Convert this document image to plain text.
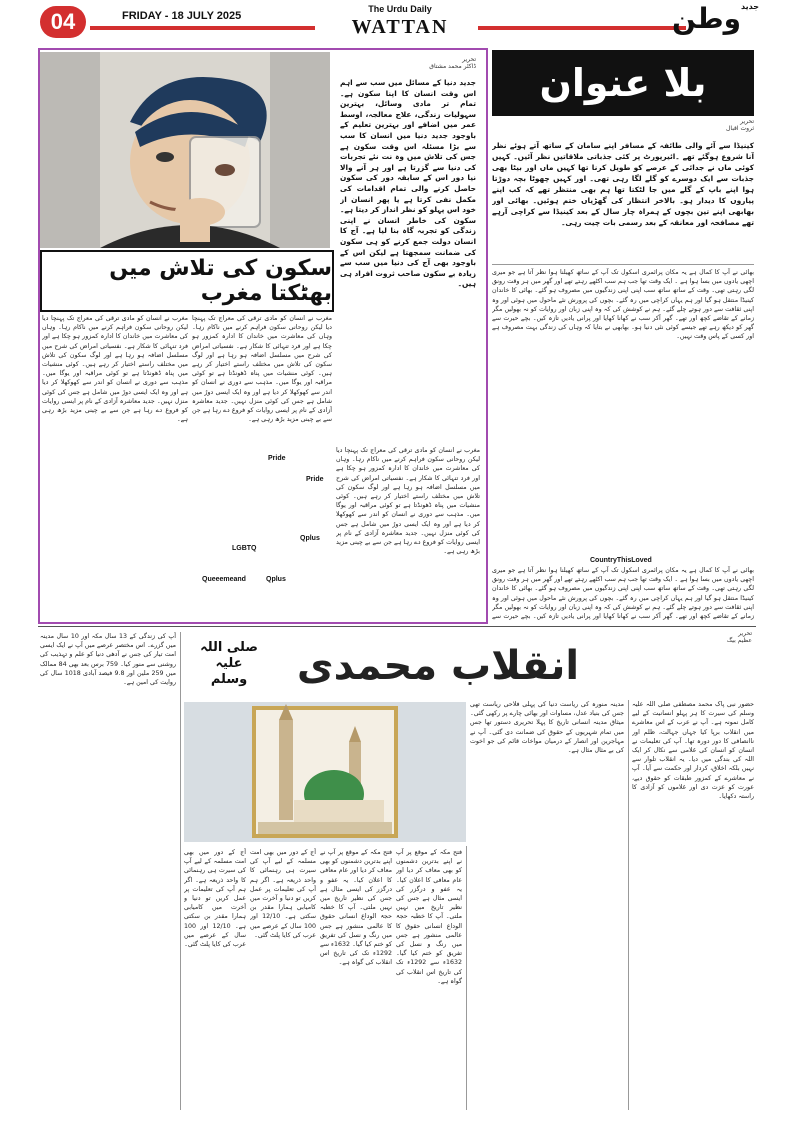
04	FRIDAY - 18 JULY 2025
The Urdu Daily
WATTAN
$^{جدید}$وطن
سکون کی تلاش میں بھٹکتا مغرب
تحریر
ڈاکٹر محمد مشتاق
جدید دنیا کے مسائل میں سب سے اہم اس وقت انسان کا اپنا سکون ہے۔ تمام تر مادی وسائل، بہترین سہولیات زندگی، علاج معالجہ، اوسط عمر میں اضافے اور بہترین تعلیم کے باوجود جدید دنیا میں انسان کا سب سے بڑا مسئلہ اس وقت سکون ہے جس کی تلاش میں وہ نت نئے تجربات کی دنیا سے گزرتا ہے اور ہر آنے والا نیا دور اس کے سابقہ دور کی سکون حاصل کرنے والی تمام اقدامات کی مکمل نفی کرتا ہے یا پھر انسان از خود اس پہلو کو نظر انداز کر دیتا ہے۔ سکون کی خاطر انسان نے اپنی زندگی کو تجربہ گاہ بنا لیا ہے۔ آج کا انسان دولت جمع کرنے کو ہی سکون کی ضمانت سمجھتا ہے لیکن اس کے باوجود بھی آج کی دنیا میں سب سے زیادہ بے سکون صاحب ثروت افراد ہی ہیں۔
مغرب نے انسان کو مادی ترقی کی معراج تک پہنچا دیا لیکن روحانی سکون فراہم کرنے میں ناکام رہا۔ وہاں کی معاشرت میں خاندان کا ادارہ کمزور ہو چکا ہے اور فرد تنہائی کا شکار ہے۔ نفسیاتی امراض کی شرح میں مسلسل اضافہ ہو رہا ہے اور لوگ سکون کی تلاش میں مختلف راستے اختیار کر رہے ہیں۔ کوئی منشیات میں پناہ ڈھونڈتا ہے تو کوئی مراقبہ اور یوگا میں۔ مذہب سے دوری نے انسان کو اندر سے کھوکھلا کر دیا ہے اور وہ ایک ایسی دوڑ میں شامل ہے جس کی کوئی منزل نہیں۔ جدید معاشرہ آزادی کے نام پر ایسی روایات کو فروغ دے رہا ہے جن سے بے چینی مزید بڑھ رہی ہے۔
مغرب نے انسان کو مادی ترقی کی معراج تک پہنچا دیا لیکن روحانی سکون فراہم کرنے میں ناکام رہا۔ وہاں کی معاشرت میں خاندان کا ادارہ کمزور ہو چکا ہے اور فرد تنہائی کا شکار ہے۔ نفسیاتی امراض کی شرح میں مسلسل اضافہ ہو رہا ہے اور لوگ سکون کی تلاش میں مختلف راستے اختیار کر رہے ہیں۔ کوئی منشیات میں پناہ ڈھونڈتا ہے تو کوئی مراقبہ اور یوگا میں۔ مذہب سے دوری نے انسان کو اندر سے کھوکھلا کر دیا ہے اور وہ ایک ایسی دوڑ میں شامل ہے جس کی کوئی منزل نہیں۔ جدید معاشرہ آزادی کے نام پر ایسی روایات کو فروغ دے رہا ہے جن سے بے چینی مزید بڑھ رہی ہے۔
مغرب نے انسان کو مادی ترقی کی معراج تک پہنچا دیا لیکن روحانی سکون فراہم کرنے میں ناکام رہا۔ وہاں کی معاشرت میں خاندان کا ادارہ کمزور ہو چکا ہے اور فرد تنہائی کا شکار ہے۔ نفسیاتی امراض کی شرح میں مسلسل اضافہ ہو رہا ہے اور لوگ سکون کی تلاش میں مختلف راستے اختیار کر رہے ہیں۔ کوئی منشیات میں پناہ ڈھونڈتا ہے تو کوئی مراقبہ اور یوگا میں۔ مذہب سے دوری نے انسان کو اندر سے کھوکھلا کر دیا ہے اور وہ ایک ایسی دوڑ میں شامل ہے جس کی کوئی منزل نہیں۔ جدید معاشرہ آزادی کے نام پر ایسی روایات کو فروغ دے رہا ہے جن سے بے چینی مزید بڑھ رہی ہے۔
Pride
Pride
Qplus
LGBTQ
Qplus
Queeemeand
بلا عنوان
تحریر
ثروت اقبال
کینیڈا سے آئے والی طائفہ کے مسافر اپنے سامان کے ساتھ آتے ہوئے نظر آنا شروع ہوگئے تھے ۔ائیرپورٹ پر کئی جذباتی ملاقاتیں نظر آئیں۔ کہیں کوئی ماں نے جدائی کے عرصے کو طویل کرنا تھا کہیں ماں اور بیٹا بھی جذبات سے ایک دوسرے کو گلے لگا رہی تھی۔ اور کہیں چھوٹا بچہ دوڑتا ہوا اپنے باپ کے گلے میں جا لٹکتا تھا ہم بھی منتظر تھے کہ کب اپنے پیاروں کا دیدار ہو۔ بالاخر انتظار کی گھڑیاں ختم ہوئیں۔ بھائی اور بھابھی اپنے تین بچوں کے ہمراہ چار سال کے بعد کینیڈا سے کراچی آرہے تھے مصافحہ اور معانقہ کے بعد رسمی بات چیت رہی۔
بھائی نے آپ کا کمال ہے یہ مکان پرائمری اسکول تک آپ کے ساتھ کھیلنا ہوا نظر آتا ہے جو میری اچھی یادوں میں بسا ہوا ہے ۔ ایک وقت تھا جب ہم سب اکٹھے رہتے تھے اور گھر میں ہر وقت رونق لگی رہتی تھی۔ وقت کے ساتھ ساتھ سب اپنی اپنی زندگیوں میں مصروف ہو گئے۔ بھائی کا خاندان کینیڈا منتقل ہو گیا اور ہم یہاں کراچی میں رہ گئے۔ بچوں کی پرورش نئے ماحول میں ہوئی اور وہ اپنی ثقافت سے دور ہوتے چلے گئے۔ ہم نے کوشش کی کہ وہ اپنی زبان اور روایات کو نہ بھولیں مگر زمانے کے تقاضے کچھ اور تھے۔ گھر آکر سب نے کھانا کھایا اور پرانی یادیں تازہ کیں۔ بچے حیرت سے گھر کو دیکھ رہے تھے جیسے کوئی نئی دنیا ہو۔ بھابھی نے بتایا کہ وہاں کی زندگی بہت مصروف ہے اور کسی کے پاس وقت نہیں۔
CountryThisLoved
بھائی نے آپ کا کمال ہے یہ مکان پرائمری اسکول تک آپ کے ساتھ کھیلنا ہوا نظر آتا ہے جو میری اچھی یادوں میں بسا ہوا ہے ۔ ایک وقت تھا جب ہم سب اکٹھے رہتے تھے اور گھر میں ہر وقت رونق لگی رہتی تھی۔ وقت کے ساتھ ساتھ سب اپنی اپنی زندگیوں میں مصروف ہو گئے۔ بھائی کا خاندان کینیڈا منتقل ہو گیا اور ہم یہاں کراچی میں رہ گئے۔ بچوں کی پرورش نئے ماحول میں ہوئی اور وہ اپنی ثقافت سے دور ہوتے چلے گئے۔ ہم نے کوشش کی کہ وہ اپنی زبان اور روایات کو نہ بھولیں مگر زمانے کے تقاضے کچھ اور تھے۔ گھر آکر سب نے کھانا کھایا اور پرانی یادیں تازہ کیں۔ بچے حیرت سے
صلی اللہ
علیہ وسلم	انقلاب محمدی
تحریر
عظیم بیگ
حضور نبی پاک محمد مصطفی صلی اللہ علیہ وسلم کی سیرت کا ہر پہلو انسانیت کے لیے کامل نمونہ ہے۔ آپ نے عرب کے اس معاشرے میں انقلاب برپا کیا جہاں جہالت، ظلم اور ناانصافی کا دور دورہ تھا۔ آپ کی تعلیمات نے انسان کو انسان کی غلامی سے نکال کر ایک اللہ کی بندگی میں دیا۔ یہ انقلاب تلوار سے نہیں بلکہ اخلاق، کردار اور حکمت سے آیا۔ آپ نے معاشرے کے کمزور طبقات کو حقوق دیے، عورت کو عزت دی اور غلاموں کو آزادی کا راستہ دکھایا۔
مدینہ منورہ کی ریاست دنیا کی پہلی فلاحی ریاست تھی جس کی بنیاد عدل، مساوات اور بھائی چارے پر رکھی گئی۔ میثاق مدینہ انسانی تاریخ کا پہلا تحریری دستور تھا جس میں تمام شہریوں کے حقوق کی ضمانت دی گئی۔ آپ نے مہاجرین اور انصار کے درمیان مواخات قائم کی جو اخوت کی بے مثال مثال ہے۔
فتح مکہ کے موقع پر آپ نے اپنے بدترین دشمنوں کو بھی معاف کر دیا اور عام معافی کا اعلان کیا۔ یہ عفو و درگزر کی ایسی مثال ہے جس کی نظیر تاریخ میں نہیں ملتی۔ آپ کا خطبہ حجۃ الوداع انسانی حقوق کا عالمی منشور ہے جس میں رنگ و نسل کی تفریق کو ختم کیا گیا۔ 1632ء سے 1292ء تک کی تاریخ اس انقلاب کی گواہ ہے۔
فتح مکہ کے موقع پر آپ نے اپنے بدترین دشمنوں کو بھی معاف کر دیا اور عام معافی کا اعلان کیا۔ یہ عفو و درگزر کی ایسی مثال ہے جس کی نظیر تاریخ میں نہیں ملتی۔ آپ کا خطبہ حجۃ الوداع انسانی حقوق کا عالمی منشور ہے جس میں رنگ و نسل کی تفریق کو ختم کیا گیا۔ 1632ء سے 1292ء تک کی تاریخ اس انقلاب کی گواہ ہے۔
آج کے دور میں بھی امت مسلمہ کے لیے آپ کی سیرت ہی رہنمائی کا واحد ذریعہ ہے۔ اگر ہم آپ کی تعلیمات پر عمل کریں تو دنیا و آخرت میں کامیابی ہمارا مقدر بن سکتی ہے۔ 12/10 اور 100 سال کے عرصے میں عرب کی کایا پلٹ گئی۔
آج کے دور میں بھی امت مسلمہ کے لیے آپ کی سیرت ہی رہنمائی کا واحد ذریعہ ہے۔ اگر ہم آپ کی تعلیمات پر عمل کریں تو دنیا و آخرت میں کامیابی ہمارا مقدر بن سکتی ہے۔ 12/10 اور 100 سال کے عرصے میں عرب کی کایا پلٹ گئی۔
آپ کی زندگی کے 13 سال مکہ اور 10 سال مدینہ میں گزرے۔ اس مختصر عرصے میں آپ نے ایک ایسی امت تیار کی جس نے آدھی دنیا کو علم و تہذیب کی روشنی سے منور کیا۔ 759 برس بعد بھی 84 ممالک میں 259 ملین اور 9.8 فیصد آبادی 1018 سال کی روایت کی امین ہے۔
